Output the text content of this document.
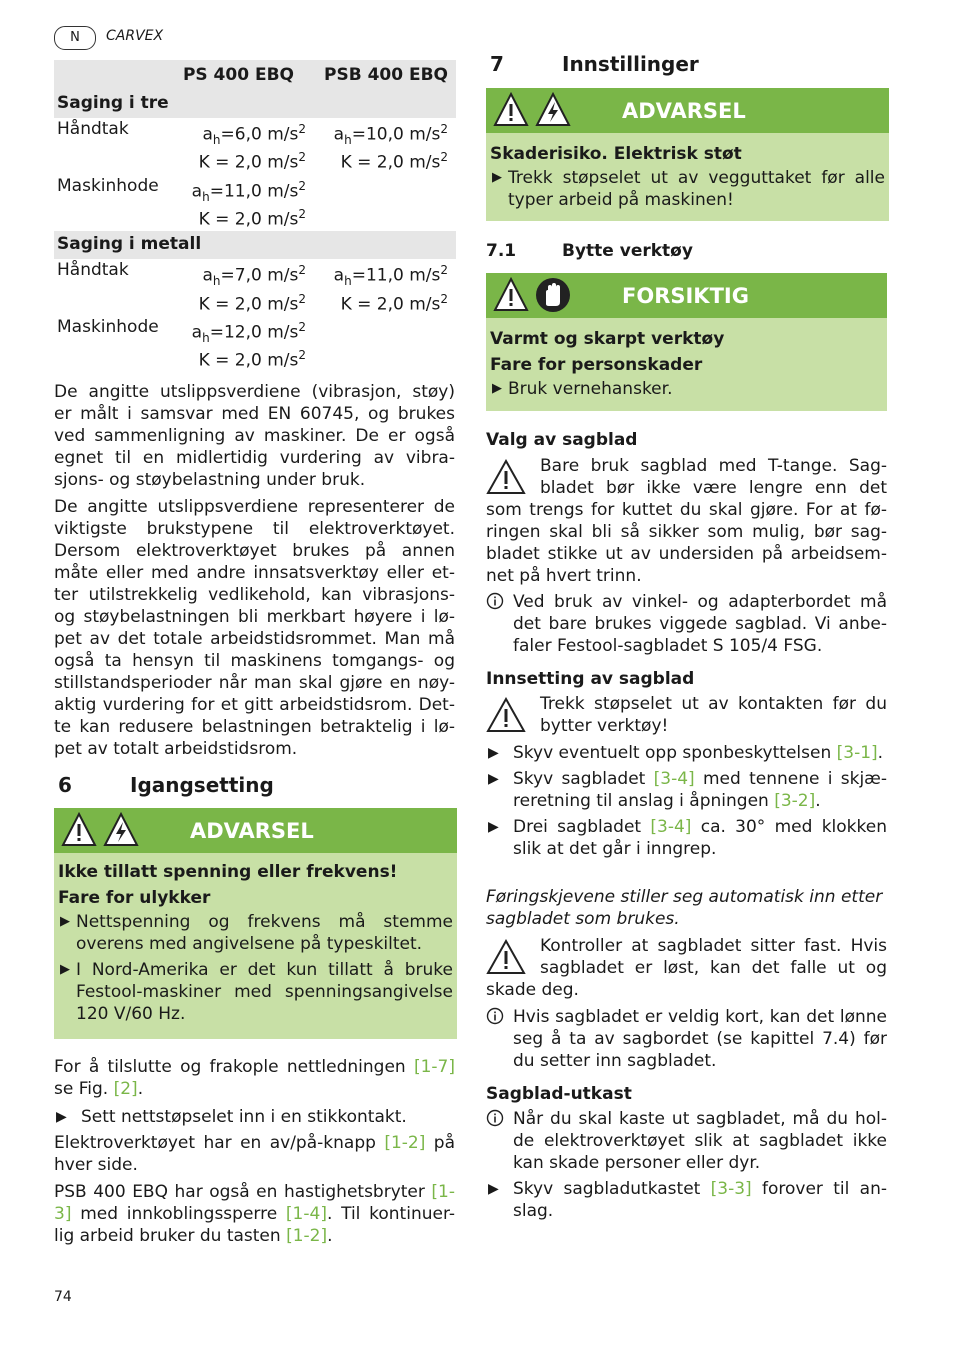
N	CARVEX
PS 400 EBQ PSB 400 EBQ
Saging i tre
Håndtak	$a_h=6,0$ $m/s^2$ $a_h=10,0$ $m/s^2$
K = 2,0 $m/s^2$ K = 2,0 $m/s^2$
Maskinhode $a_h=11,0$ $m/s^2$
K = 2,0 $m/s^2$
Saging i metall
Håndtak	$a_h=7,0$ $m/s^2$ $a_h=11,0$ $m/s^2$
K = 2,0 $m/s^2$ K = 2,0 $m/s^2$
Maskinhode $a_h=12,0$ $m/s^2$
K = 2,0 $m/s^2$

De angitte utslippsverdiene (vibrasjon, støy) er målt i samsvar med EN 60745, og brukes ved sammenligning av maskiner. De er også egnet til en midlertidig vurdering av vibra-sjons- og støybelastning under bruk.

De angitte utslippsverdiene representerer de viktigste brukstypene til elektroverktøyet. Dersom elektroverktøyet brukes på annen måte eller med andre innsatsverktøy eller et-ter utilstrekkelig vedlikehold, kan vibrasjons-og støybelastningen bli merkbart høyere i lø-pet av det totale arbeidstidsrommet. Man må også ta hensyn til maskinens tomgangs- og stillstandsperioder når man skal gjøre en nøy-aktig vurdering for et gitt arbeidstidsrom. Det-te kan redusere belastningen betraktelig i lø-pet av totalt arbeidstidsrom.

6	Igangsetting
ADVARSEL
Ikke tillatt spenning eller frekvens!
Fare for ulykker
▶ Nettspenning og frekvens må stemme overens med angivelsene på typeskiltet.
▶ I Nord-Amerika er det kun tillatt å bruke Festool-maskiner med spenningsangivelse 120 V/60 Hz.

For å tilslutte og frakople nettledningen [1-7] se Fig. [2].

▶ Sett nettstøpselet inn i en stikkontakt.

Elektroverktøyet har en av/på-knapp [1-2] på hver side.

PSB 400 EBQ har også en hastighetsbryter [1-3] med innkoblingssperre [1-4]. Til kontinuer-lig arbeid bruker du tasten [1-2].

7	Innstillinger
ADVARSEL
Skaderisiko. Elektrisk støt
▶ Trekk støpselet ut av vegguttaket før alle typer arbeid på maskinen!
7.1	Bytte verktøy
FORSIKTIG
Varmt og skarpt verktøy
Fare for personskader
▶ Bruk vernehansker.
Valg av sagblad

Bare bruk sagblad med T-tange. Sag-bladet bør ikke være lengre enn det som trengs for kuttet du skal gjøre. For at fø-ringen skal bli så sikker som mulig, bør sag-bladet stikke ut av undersiden på arbeidsem-net på hvert trinn.

Ved bruk av vinkel- og adapterbordet må det bare brukes viggede sagblad. Vi anbe-faler Festool-sagbladet S 105/4 FSG.
Innsetting av sagblad

Trekk støpselet ut av kontakten før du bytter verktøy!

▶ Skyv eventuelt opp sponbeskyttelsen [3-1].
▶ Skyv sagbladet [3-4] med tennene i skjæ-reretning til anslag i åpningen [3-2].
▶ Drei sagbladet [3-4] ca. 30° med klokken slik at det går i inngrep.

Føringskjevene stiller seg automatisk inn etter sagbladet som brukes.

Kontroller at sagbladet sitter fast. Hvis sagbladet er løst, kan det falle ut og skade deg.

Hvis sagbladet er veldig kort, kan det lønne seg å ta av sagbordet (se kapittel 7.4) før du setter inn sagbladet.
Sagblad-utkast
Når du skal kaste ut sagbladet, må du hol-de elektroverktøyet slik at sagbladet ikke kan skade personer eller dyr.
▶ Skyv sagbladutkastet [3-3] forover til an-slag.
74
